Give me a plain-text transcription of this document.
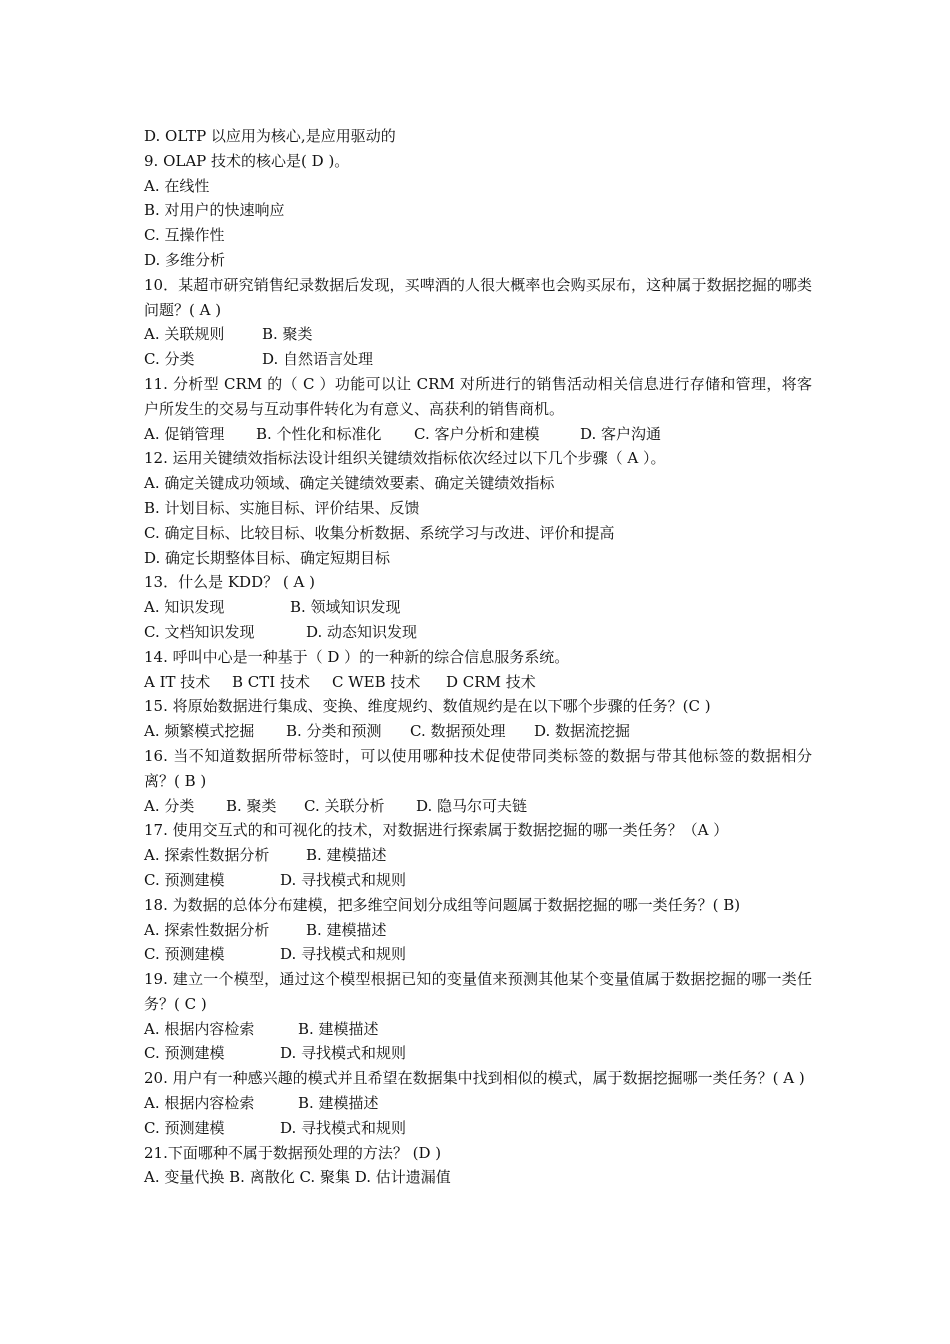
D. OLTP 以应用为核心,是应用驱动的
9. OLAP 技术的核心是( D )。
A. 在线性
B. 对用户的快速响应
C. 互操作性
D. 多维分析
10．某超市研究销售纪录数据后发现，买啤酒的人很大概率也会购买尿布，这种属于数据挖掘的哪类问题？( A )
A. 关联规则	B. 聚类
C. 分类	D. 自然语言处理
11. 分析型 CRM 的（ C ）功能可以让 CRM 对所进行的销售活动相关信息进行存储和管理，将客户所发生的交易与互动事件转化为有意义、高获利的销售商机。
A. 促销管理 B. 个性化和标准化 C. 客户分析和建模	D. 客户沟通
12. 运用关键绩效指标法设计组织关键绩效指标依次经过以下几个步骤（ A ）。
A. 确定关键成功领域、确定关键绩效要素、确定关键绩效指标
B. 计划目标、实施目标、评价结果、反馈
C. 确定目标、比较目标、收集分析数据、系统学习与改进、评价和提高
D. 确定长期整体目标、确定短期目标
13．什么是 KDD？ ( A )
A. 知识发现	B. 领域知识发现
C. 文档知识发现	D. 动态知识发现
14. 呼叫中心是一种基于（ D ）的一种新的综合信息服务系统。
A IT 技术 B CTI 技术 C WEB 技术 D CRM 技术
15. 将原始数据进行集成、变换、维度规约、数值规约是在以下哪个步骤的任务？(C )
A. 频繁模式挖掘 B. 分类和预测 C. 数据预处理 D. 数据流挖掘
16. 当不知道数据所带标签时，可以使用哪种技术促使带同类标签的数据与带其他标签的数据相分离？( B )
A. 分类 B. 聚类 C. 关联分析 D. 隐马尔可夫链
17. 使用交互式的和可视化的技术，对数据进行探索属于数据挖掘的哪一类任务？（A ）
A. 探索性数据分析 B. 建模描述
C. 预测建模	D. 寻找模式和规则
18. 为数据的总体分布建模，把多维空间划分成组等问题属于数据挖掘的哪一类任务？( B)
A. 探索性数据分析 B. 建模描述
C. 预测建模	D. 寻找模式和规则
19. 建立一个模型，通过这个模型根据已知的变量值来预测其他某个变量值属于数据挖掘的哪一类任务？( C )
A. 根据内容检索	B. 建模描述
C. 预测建模	D. 寻找模式和规则
20. 用户有一种感兴趣的模式并且希望在数据集中找到相似的模式，属于数据挖掘哪一类任务？( A )
A. 根据内容检索	B. 建模描述
C. 预测建模	D. 寻找模式和规则
21.下面哪种不属于数据预处理的方法？ (D )
A. 变量代换 B. 离散化 C. 聚集 D. 估计遗漏值
